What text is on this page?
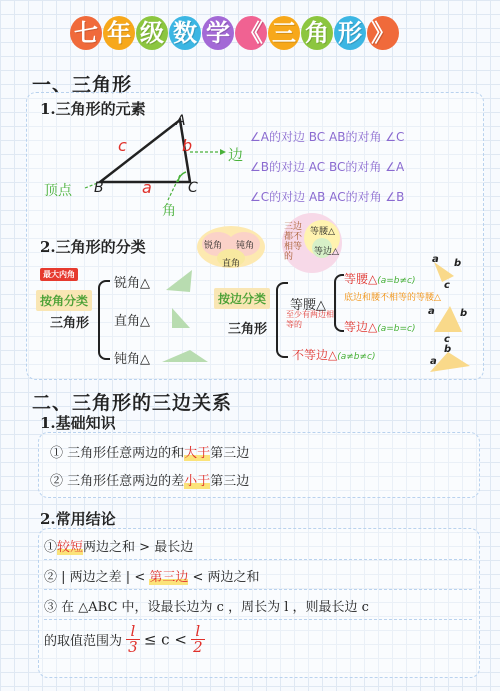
七 年 级 数 学 《 三 角 形 》
一、三角形
1.三角形的元素
A
B	C
c	b
a
边
顶点
角
∠A的对边 BC AB的对角 ∠C
∠B的对边 AC BC的对角 ∠A
∠C的对边 AB AC的对角 ∠B
2.三角形的分类	锐角 钝角
直角
三边都不相等的
等腰△
等边△
最大内角
按角分类
三角形
锐角△
直角△
钝角△
按边分类
三角形
等腰△
至少有两边相等的
等腰△(a=b≠c)
底边和腰不相等的等腰△
等边△(a=b=c)
不等边△(a≠b≠c)
a b
c
a	b
c
b
a
二、三角形的三边关系
1.基础知识
① 三角形任意两边的和大于第三边
② 三角形任意两边的差小于第三边
2.常用结论
①较短两边之和 > 最长边
② | 两边之差 | < 第三边 < 两边之和
③ 在 △ABC 中，设最长边为 c ，周长为 l ，则最长边 c
的取值范围为 $\frac{l}{3} \le c < \frac{l}{2}$
